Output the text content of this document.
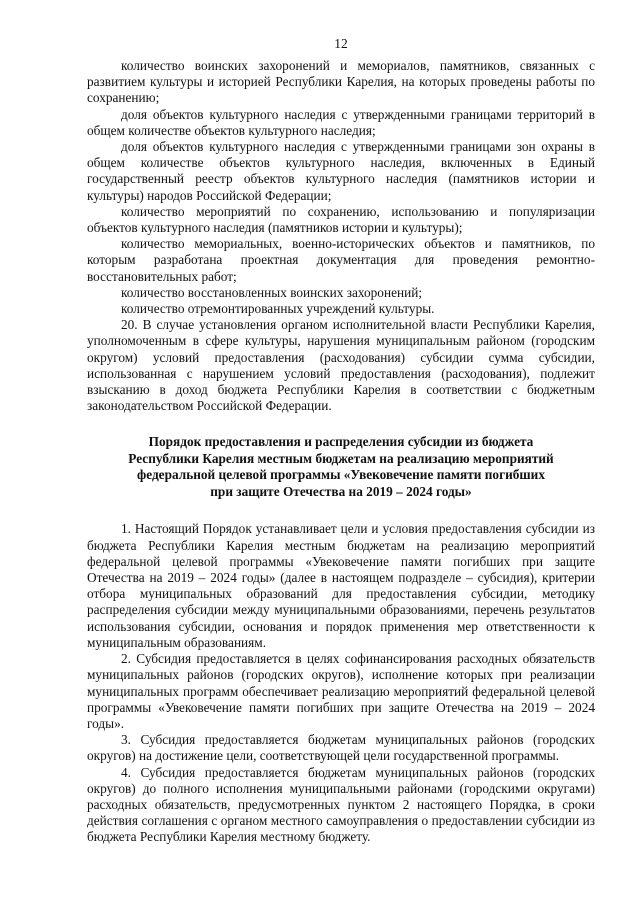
12

количество воинских захоронений и мемориалов, памятников, связанных с развитием культуры и историей Республики Карелия, на которых проведены работы по сохранению;

доля объектов культурного наследия с утвержденными границами территорий в общем количестве объектов культурного наследия;

доля объектов культурного наследия с утвержденными границами зон охраны в общем количестве объектов культурного наследия, включенных в Единый государственный реестр объектов культурного наследия (памятников истории и культуры) народов Российской Федерации;

количество мероприятий по сохранению, использованию и популяризации объектов культурного наследия (памятников истории и культуры);

количество мемориальных, военно-исторических объектов и памятников, по которым разработана проектная документация для проведения ремонтно-восстановительных работ;

количество восстановленных воинских захоронений;

количество отремонтированных учреждений культуры.

20. В случае установления органом исполнительной власти Республики Карелия, уполномоченным в сфере культуры, нарушения муниципальным районом (городским округом) условий предоставления (расходования) субсидии сумма субсидии, использованная с нарушением условий предоставления (расходования), подлежит взысканию в доход бюджета Республики Карелия в соответствии с бюджетным законодательством Российской Федерации.

Порядок предоставления и распределения субсидии из бюджета
Республики Карелия местным бюджетам на реализацию мероприятий
федеральной целевой программы «Увековечение памяти погибших
при защите Отечества на 2019 – 2024 годы»

1. Настоящий Порядок устанавливает цели и условия предоставления субсидии из бюджета Республики Карелия местным бюджетам на реализацию мероприятий федеральной целевой программы «Увековечение памяти погибших при защите Отечества на 2019 – 2024 годы» (далее в настоящем подразделе – субсидия), критерии отбора муниципальных образований для предоставления субсидии, методику распределения субсидии между муниципальными образованиями, перечень результатов использования субсидии, основания и порядок применения мер ответственности к муниципальным образованиям.

2. Субсидия предоставляется в целях софинансирования расходных обязательств муниципальных районов (городских округов), исполнение которых при реализации муниципальных программ обеспечивает реализацию мероприятий федеральной целевой программы «Увековечение памяти погибших при защите Отечества на 2019 – 2024 годы».

3. Субсидия предоставляется бюджетам муниципальных районов (городских округов) на достижение цели, соответствующей цели государственной программы.

4. Субсидия предоставляется бюджетам муниципальных районов (городских округов) до полного исполнения муниципальными районами (городскими округами) расходных обязательств, предусмотренных пунктом 2 настоящего Порядка, в сроки действия соглашения с органом местного самоуправления о предоставлении субсидии из бюджета Республики Карелия местному бюджету.
